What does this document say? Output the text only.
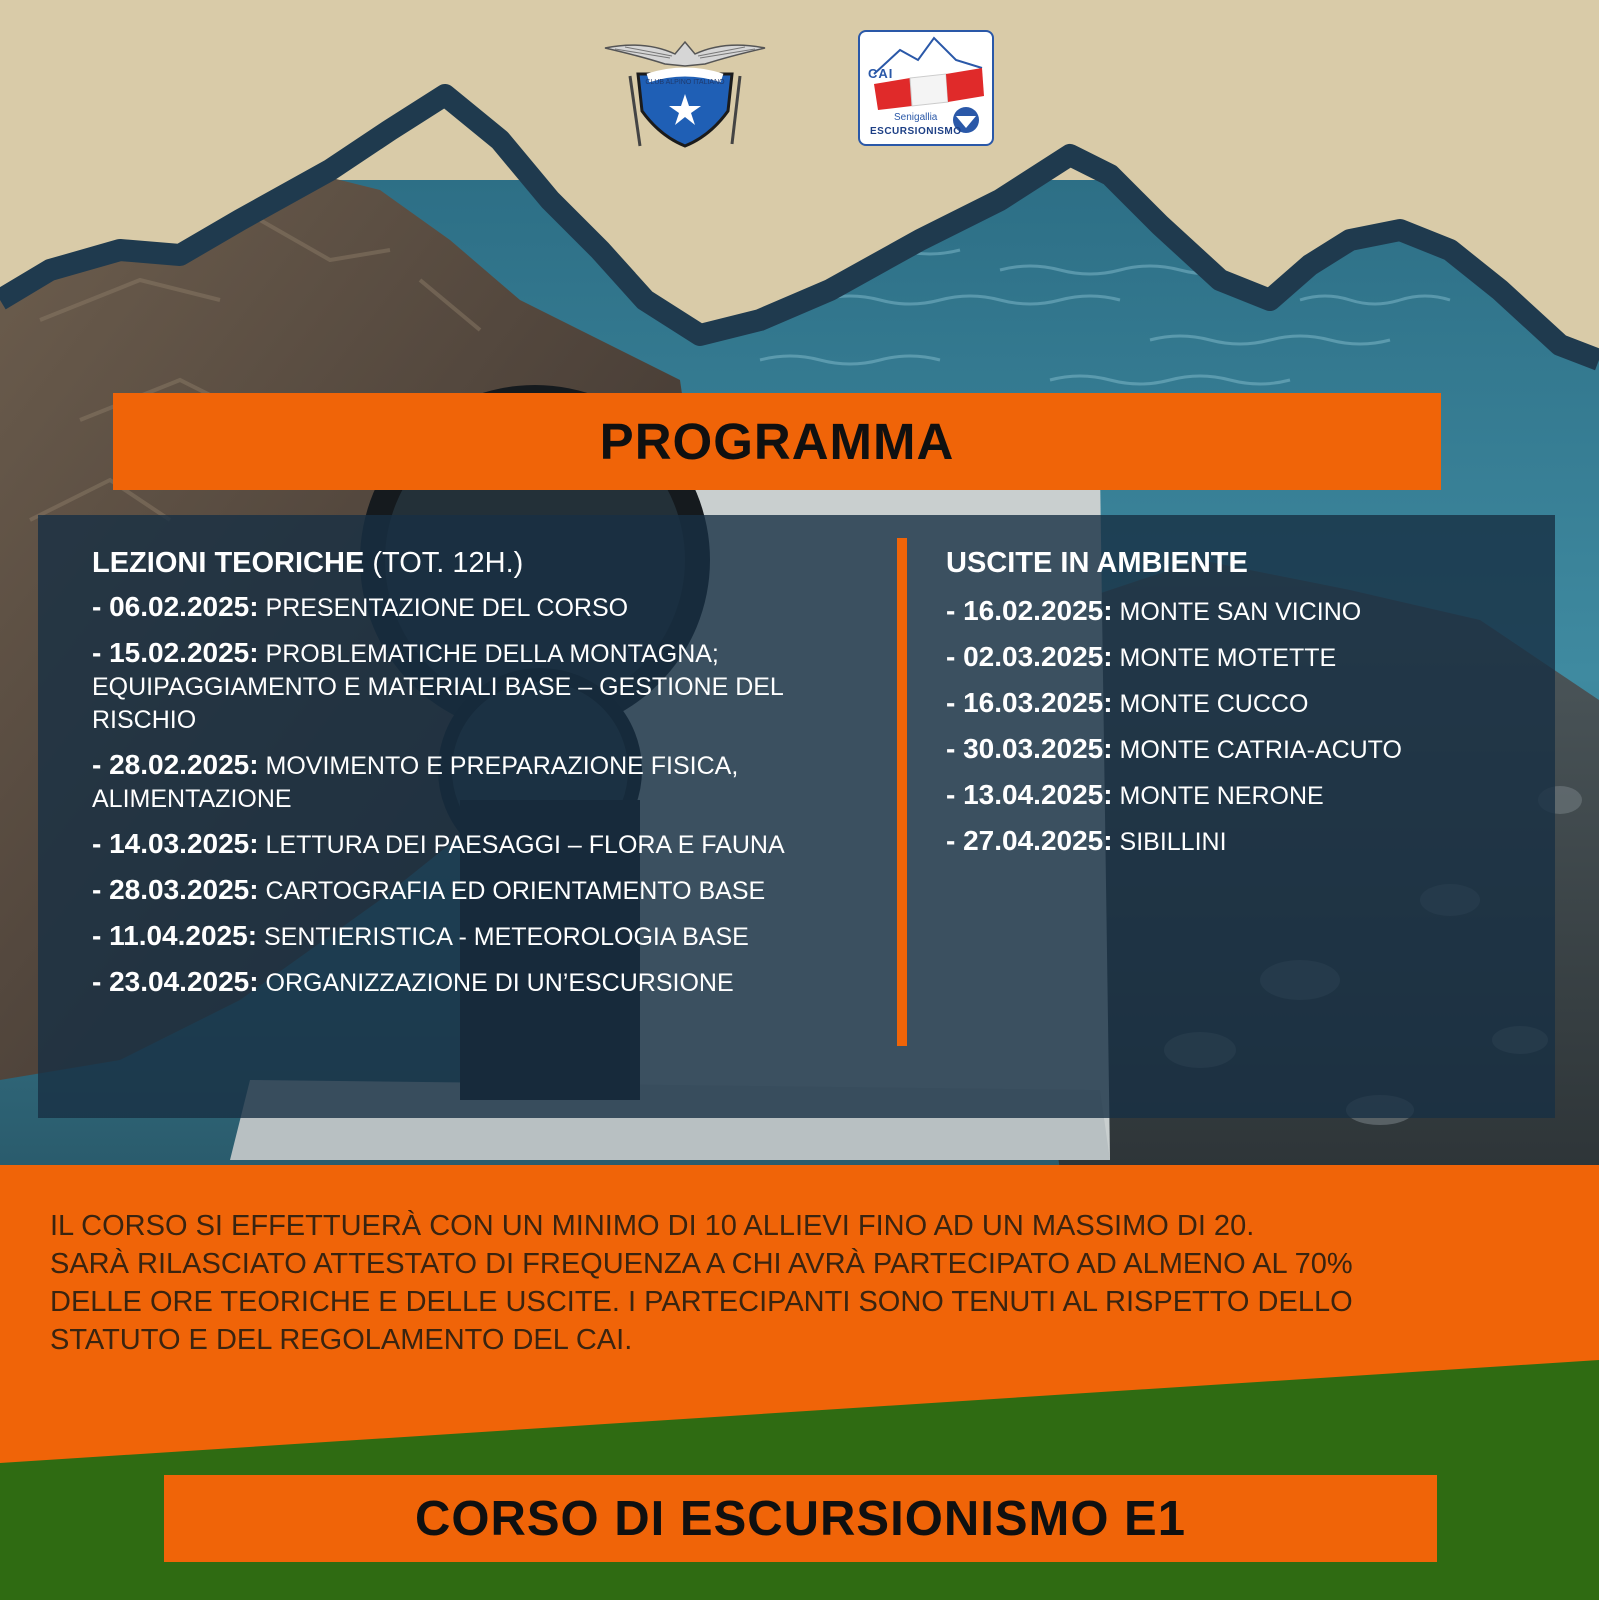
CLUB ALPINO ITALIANO
CAI
Senigallia
ESCURSIONISMO
PROGRAMMA
LEZIONI TEORICHE (TOT. 12H.)

- 06.02.2025: PRESENTAZIONE DEL CORSO

- 15.02.2025: PROBLEMATICHE DELLA MONTAGNA; EQUIPAGGIAMENTO E MATERIALI BASE – GESTIONE DEL RISCHIO

- 28.02.2025: MOVIMENTO E PREPARAZIONE FISICA, ALIMENTAZIONE

- 14.03.2025: LETTURA DEI PAESAGGI – FLORA E FAUNA

- 28.03.2025: CARTOGRAFIA ED ORIENTAMENTO BASE

- 11.04.2025: SENTIERISTICA - METEOROLOGIA BASE

- 23.04.2025: ORGANIZZAZIONE DI UN’ESCURSIONE

USCITE IN AMBIENTE

- 16.02.2025: MONTE SAN VICINO

- 02.03.2025: MONTE MOTETTE

- 16.03.2025: MONTE CUCCO

- 30.03.2025: MONTE CATRIA-ACUTO

- 13.04.2025: MONTE NERONE

- 27.04.2025: SIBILLINI

IL CORSO SI EFFETTUERÀ CON UN MINIMO DI 10 ALLIEVI FINO AD UN MASSIMO DI 20.

SARÀ RILASCIATO ATTESTATO DI FREQUENZA A CHI AVRÀ PARTECIPATO AD ALMENO AL 70%

DELLE ORE TEORICHE E DELLE USCITE. I PARTECIPANTI SONO TENUTI AL RISPETTO DELLO

STATUTO E DEL REGOLAMENTO DEL CAI.

CORSO DI ESCURSIONISMO E1
